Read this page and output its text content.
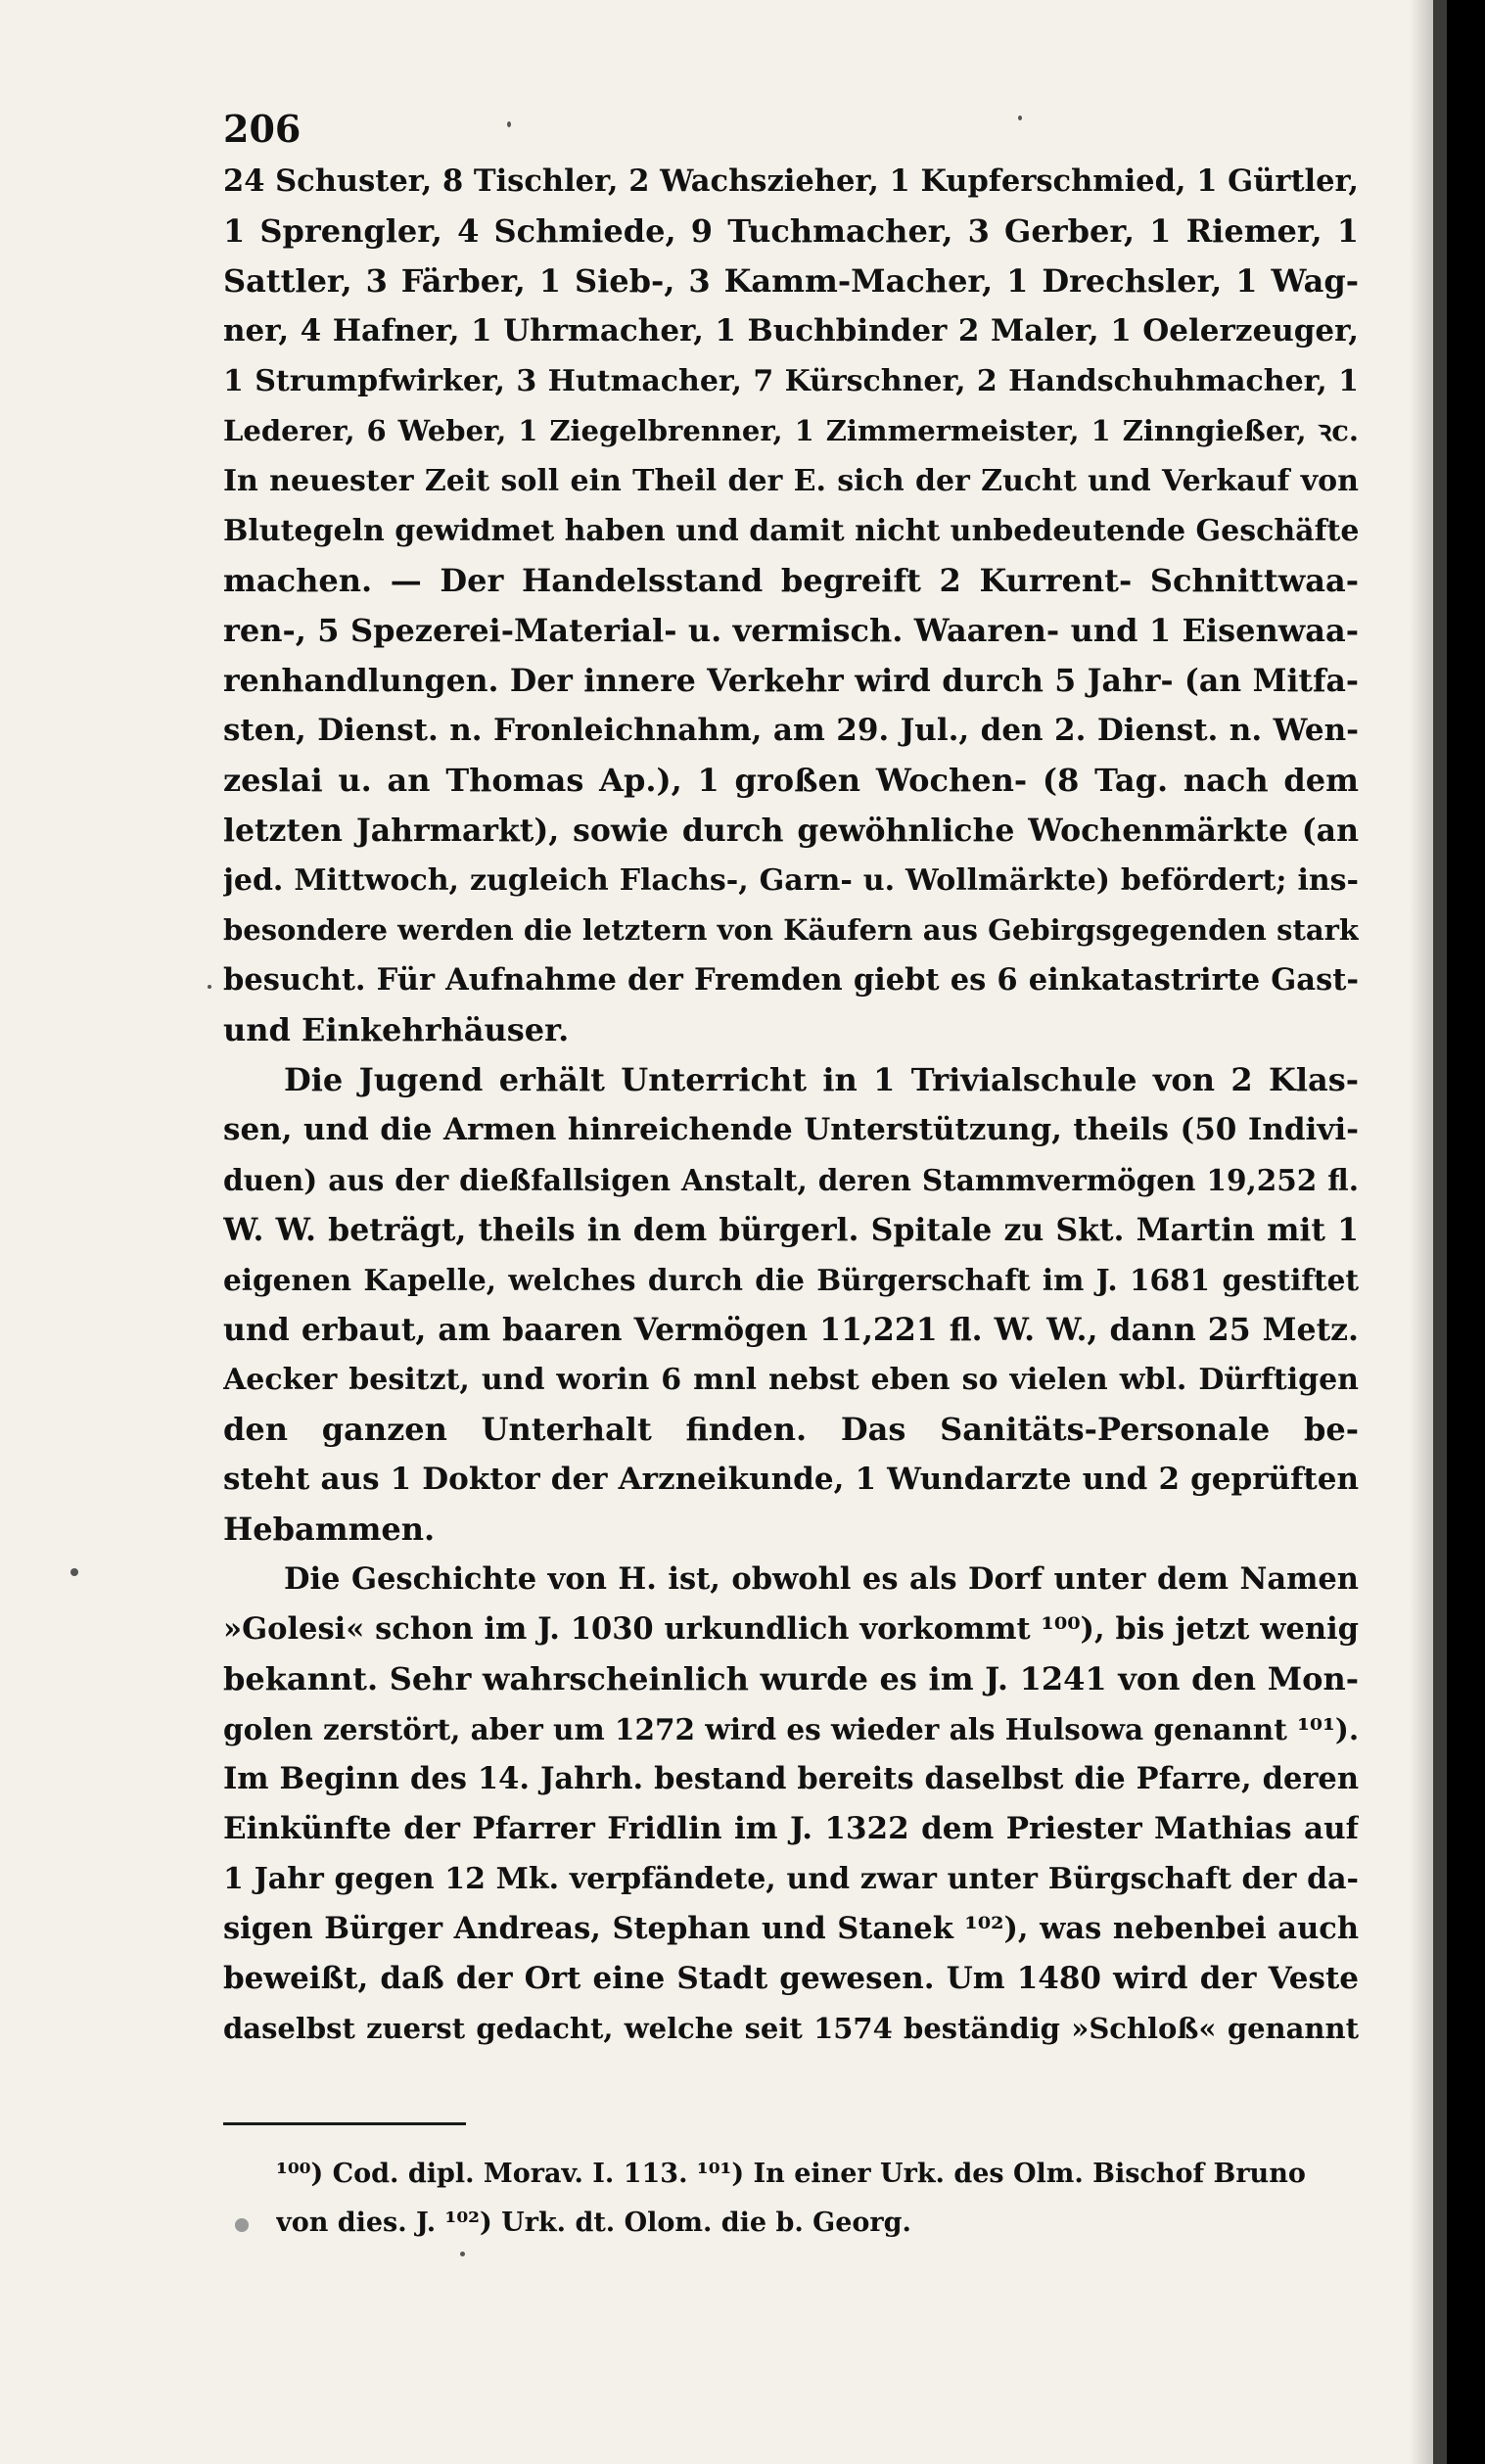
206
24 Schuster, 8 Tischler, 2 Wachszieher, 1 Kupferschmied, 1 Gürtler,
1 Sprengler, 4 Schmiede, 9 Tuchmacher, 3 Gerber, 1 Riemer, 1
Sattler, 3 Färber, 1 Sieb-, 3 Kamm-Macher, 1 Drechsler, 1 Wag-
ner, 4 Hafner, 1 Uhrmacher, 1 Buchbinder 2 Maler, 1 Oelerzeuger,
1 Strumpfwirker, 3 Hutmacher, 7 Kürschner, 2 Handschuhmacher, 1
Lederer, 6 Weber, 1 Ziegelbrenner, 1 Zimmermeister, 1 Zinngießer, ꝛc.
In neuester Zeit soll ein Theil der E. sich der Zucht und Verkauf von
Blutegeln gewidmet haben und damit nicht unbedeutende Geschäfte
machen. — Der Handelsstand begreift 2 Kurrent- Schnittwaa-
ren-, 5 Spezerei-Material- u. vermisch. Waaren- und 1 Eisenwaa-
renhandlungen. Der innere Verkehr wird durch 5 Jahr- (an Mitfa-
sten, Dienst. n. Fronleichnahm, am 29. Jul., den 2. Dienst. n. Wen-
zeslai u. an Thomas Ap.), 1 großen Wochen- (8 Tag. nach dem
letzten Jahrmarkt), sowie durch gewöhnliche Wochenmärkte (an
jed. Mittwoch, zugleich Flachs-, Garn- u. Wollmärkte) befördert; ins-
besondere werden die letztern von Käufern aus Gebirgsgegenden stark
besucht. Für Aufnahme der Fremden giebt es 6 einkatastrirte Gast-
und Einkehrhäuser.
Die Jugend erhält Unterricht in 1 Trivialschule von 2 Klas-
sen, und die Armen hinreichende Unterstützung, theils (50 Indivi-
duen) aus der dießfallsigen Anstalt, deren Stammvermögen 19,252 fl.
W. W. beträgt, theils in dem bürgerl. Spitale zu Skt. Martin mit 1
eigenen Kapelle, welches durch die Bürgerschaft im J. 1681 gestiftet
und erbaut, am baaren Vermögen 11,221 fl. W. W., dann 25 Metz.
Aecker besitzt, und worin 6 mnl nebst eben so vielen wbl. Dürftigen
den ganzen Unterhalt finden. Das Sanitäts-Personale be-
steht aus 1 Doktor der Arzneikunde, 1 Wundarzte und 2 geprüften
Hebammen.
Die Geschichte von H. ist, obwohl es als Dorf unter dem Namen
»Golesi« schon im J. 1030 urkundlich vorkommt ¹⁰⁰), bis jetzt wenig
bekannt. Sehr wahrscheinlich wurde es im J. 1241 von den Mon-
golen zerstört, aber um 1272 wird es wieder als Hulsowa genannt ¹⁰¹).
Im Beginn des 14. Jahrh. bestand bereits daselbst die Pfarre, deren
Einkünfte der Pfarrer Fridlin im J. 1322 dem Priester Mathias auf
1 Jahr gegen 12 Mk. verpfändete, und zwar unter Bürgschaft der da-
sigen Bürger Andreas, Stephan und Stanek ¹⁰²), was nebenbei auch
beweißt, daß der Ort eine Stadt gewesen. Um 1480 wird der Veste
daselbst zuerst gedacht, welche seit 1574 beständig »Schloß« genannt
¹⁰⁰) Cod. dipl. Morav. I. 113. ¹⁰¹) In einer Urk. des Olm. Bischof Bruno
von dies. J. ¹⁰²) Urk. dt. Olom. die b. Georg.
